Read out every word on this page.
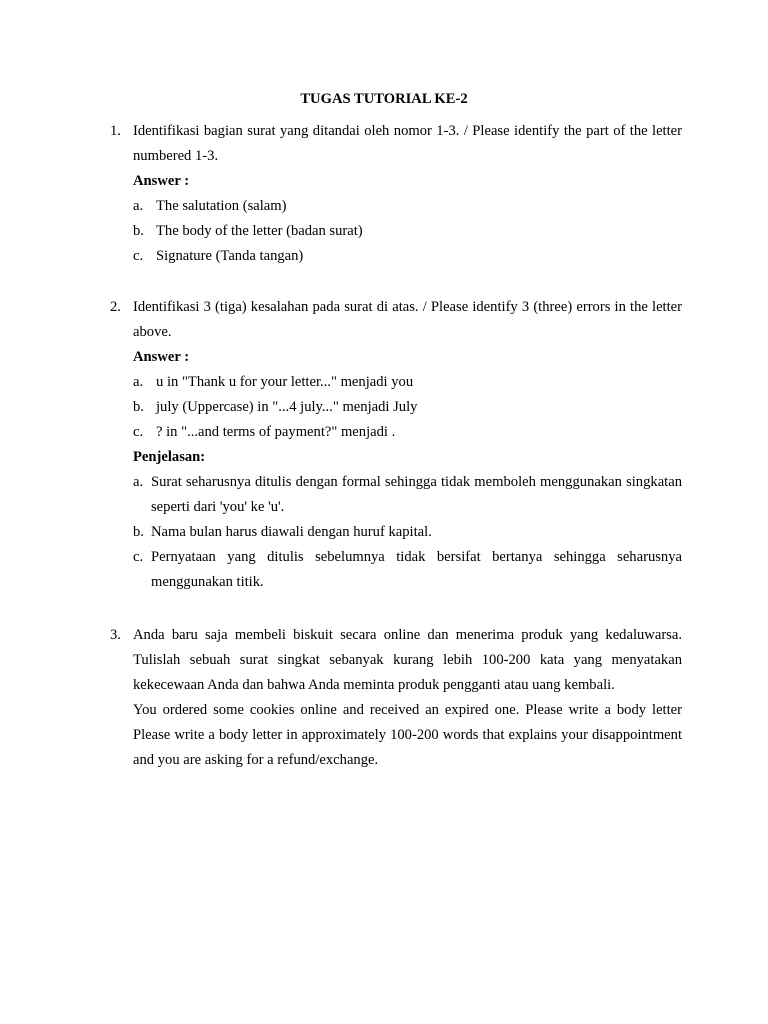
TUGAS TUTORIAL KE-2
1. Identifikasi bagian surat yang ditandai oleh nomor 1-3. / Please identify the part of the letter numbered 1-3.
Answer :
a. The salutation (salam)
b. The body of the letter (badan surat)
c. Signature (Tanda tangan)
2. Identifikasi 3 (tiga) kesalahan pada surat di atas. / Please identify 3 (three) errors in the letter above.
Answer :
a. u in "Thank u for your letter..." menjadi you
b. july (Uppercase) in "...4 july..." menjadi July
c. ? in "...and terms of payment?" menjadi .
Penjelasan:
a. Surat seharusnya ditulis dengan formal sehingga tidak memboleh menggunakan singkatan seperti dari 'you' ke 'u'.
b. Nama bulan harus diawali dengan huruf kapital.
c. Pernyataan yang ditulis sebelumnya tidak bersifat bertanya sehingga seharusnya menggunakan titik.
3. Anda baru saja membeli biskuit secara online dan menerima produk yang kedaluwarsa. Tulislah sebuah surat singkat sebanyak kurang lebih 100-200 kata yang menyatakan kekecewaan Anda dan bahwa Anda meminta produk pengganti atau uang kembali.
You ordered some cookies online and received an expired one. Please write a body letter Please write a body letter in approximately 100-200 words that explains your disappointment and you are asking for a refund/exchange.
